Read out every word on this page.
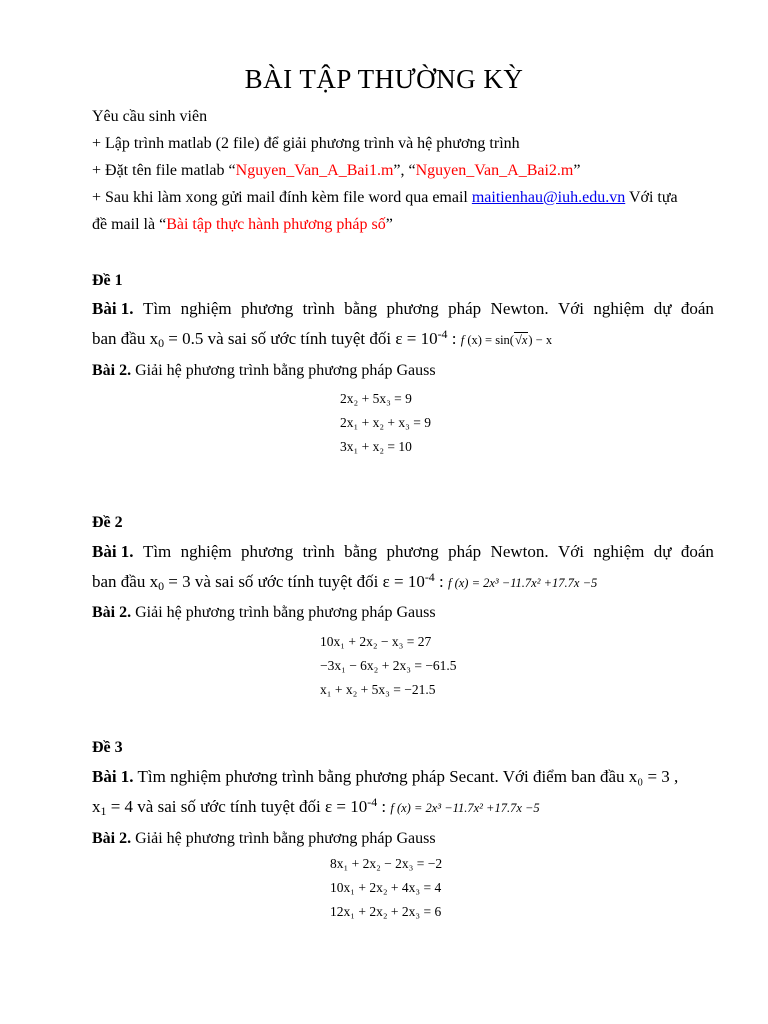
BÀI TẬP THƯỜNG KỲ
Yêu cầu sinh viên
+ Lập trình matlab (2 file) để giải phương trình và hệ phương trình
+ Đặt tên file matlab “Nguyen_Van_A_Bai1.m”, “Nguyen_Van_A_Bai2.m”
+ Sau khi làm xong gửi mail đính kèm file word qua email maitienhau@iuh.edu.vn Với tựa
đề mail là “Bài tập thực hành phương pháp số”
Đề 1
Bài 1. Tìm nghiệm phương trình bằng phương pháp Newton. Với nghiệm dự đoán
ban đầu $x_0 = 0.5$ và sai số ước tính tuyệt đối $\varepsilon = 10^{-4}$ : f (x) = sin(√x) − x
Bài 2. Giải hệ phương trình bằng phương pháp Gauss
2x₂ + 5x₃ = 9
2x₁ + x₂ + x₃ = 9
3x₁ + x₂ = 10
Đề 2
Bài 1. Tìm nghiệm phương trình bằng phương pháp Newton. Với nghiệm dự đoán
ban đầu $x_0 = 3$ và sai số ước tính tuyệt đối $\varepsilon = 10^{-4}$ : f (x) = 2x³ −11.7x² +17.7x −5
Bài 2. Giải hệ phương trình bằng phương pháp Gauss
10x₁ + 2x₂ − x₃ = 27
−3x₁ − 6x₂ + 2x₃ = −61.5
x₁ + x₂ + 5x₃ = −21.5
Đề 3
Bài 1. Tìm nghiệm phương trình bằng phương pháp Secant. Với điểm ban đầu x₀ = 3 ,
$x_1 = 4$ và sai số ước tính tuyệt đối $\varepsilon = 10^{-4}$ : f (x) = 2x³ −11.7x² +17.7x −5
Bài 2. Giải hệ phương trình bằng phương pháp Gauss
8x₁ + 2x₂ − 2x₃ = −2
10x₁ + 2x₂ + 4x₃ = 4
12x₁ + 2x₂ + 2x₃ = 6
